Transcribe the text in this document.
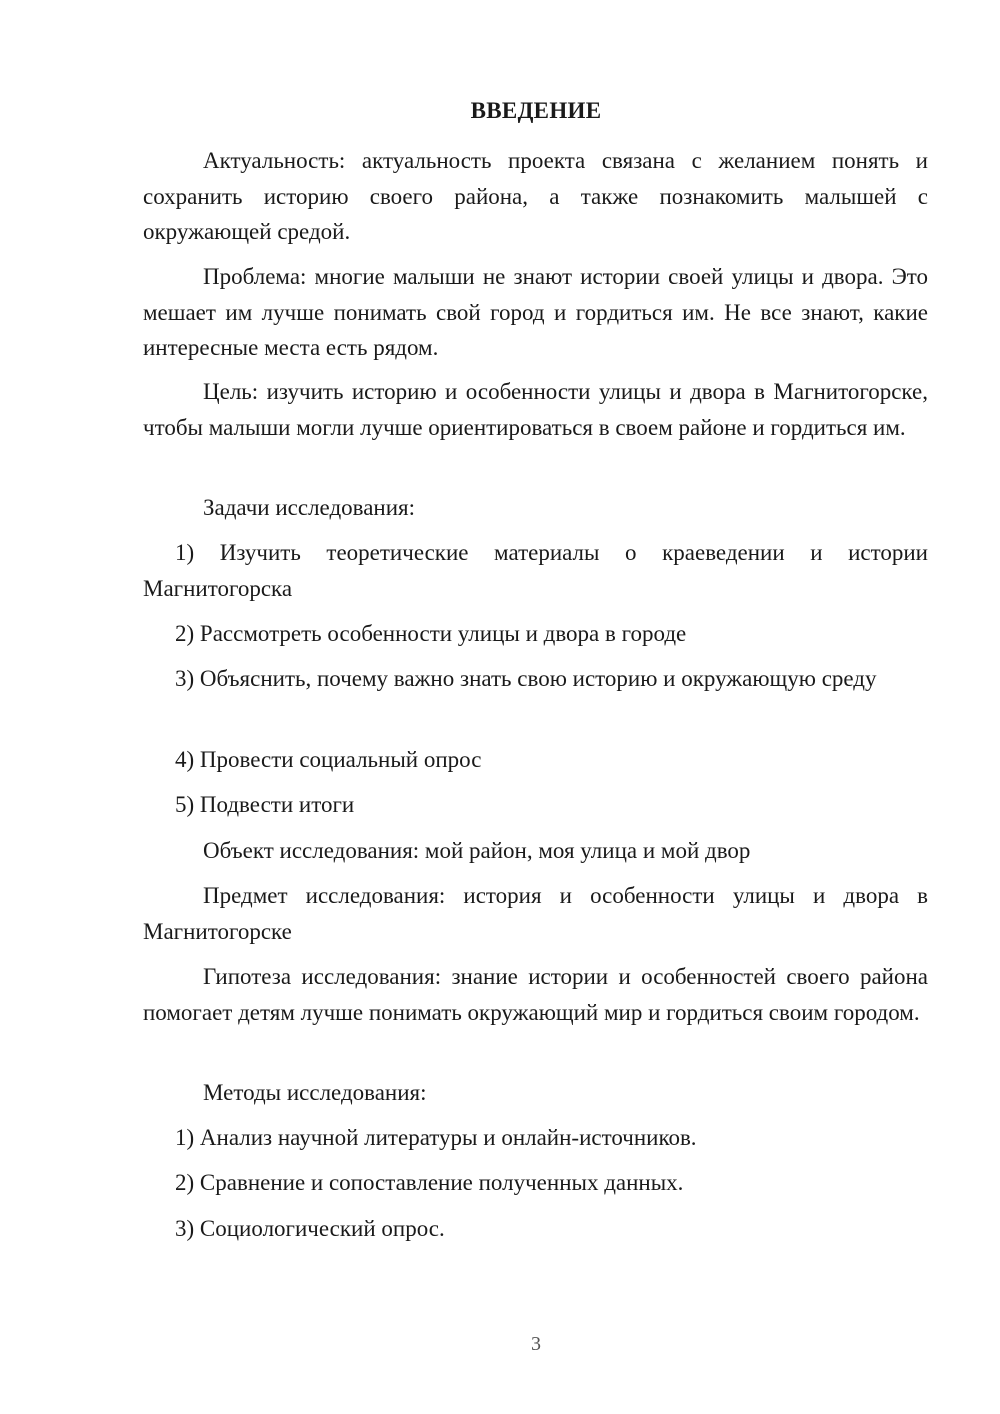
ВВЕДЕНИЕ

Актуальность: актуальность проекта связана с желанием понять и сохранить историю своего района, а также познакомить малышей с окружающей средой.

Проблема: многие малыши не знают истории своей улицы и двора. Это мешает им лучше понимать свой город и гордиться им. Не все знают, какие интересные места есть рядом.

Цель: изучить историю и особенности улицы и двора в Магнитогорске, чтобы малыши могли лучше ориентироваться в своем районе и гордиться им.

Задачи исследования:

1) Изучить теоретические материалы о краеведении и истории Магнитогорска

2) Рассмотреть особенности улицы и двора в городе

3) Объяснить, почему важно знать свою историю и окружающую среду

4) Провести социальный опрос

5) Подвести итоги

Объект исследования: мой район, моя улица и мой двор

Предмет исследования: история и особенности улицы и двора в Магнитогорске

Гипотеза исследования: знание истории и особенностей своего района помогает детям лучше понимать окружающий мир и гордиться своим городом.

Методы исследования:

1) Анализ научной литературы и онлайн-источников.

2) Сравнение и сопоставление полученных данных.

3) Социологический опрос.

3
